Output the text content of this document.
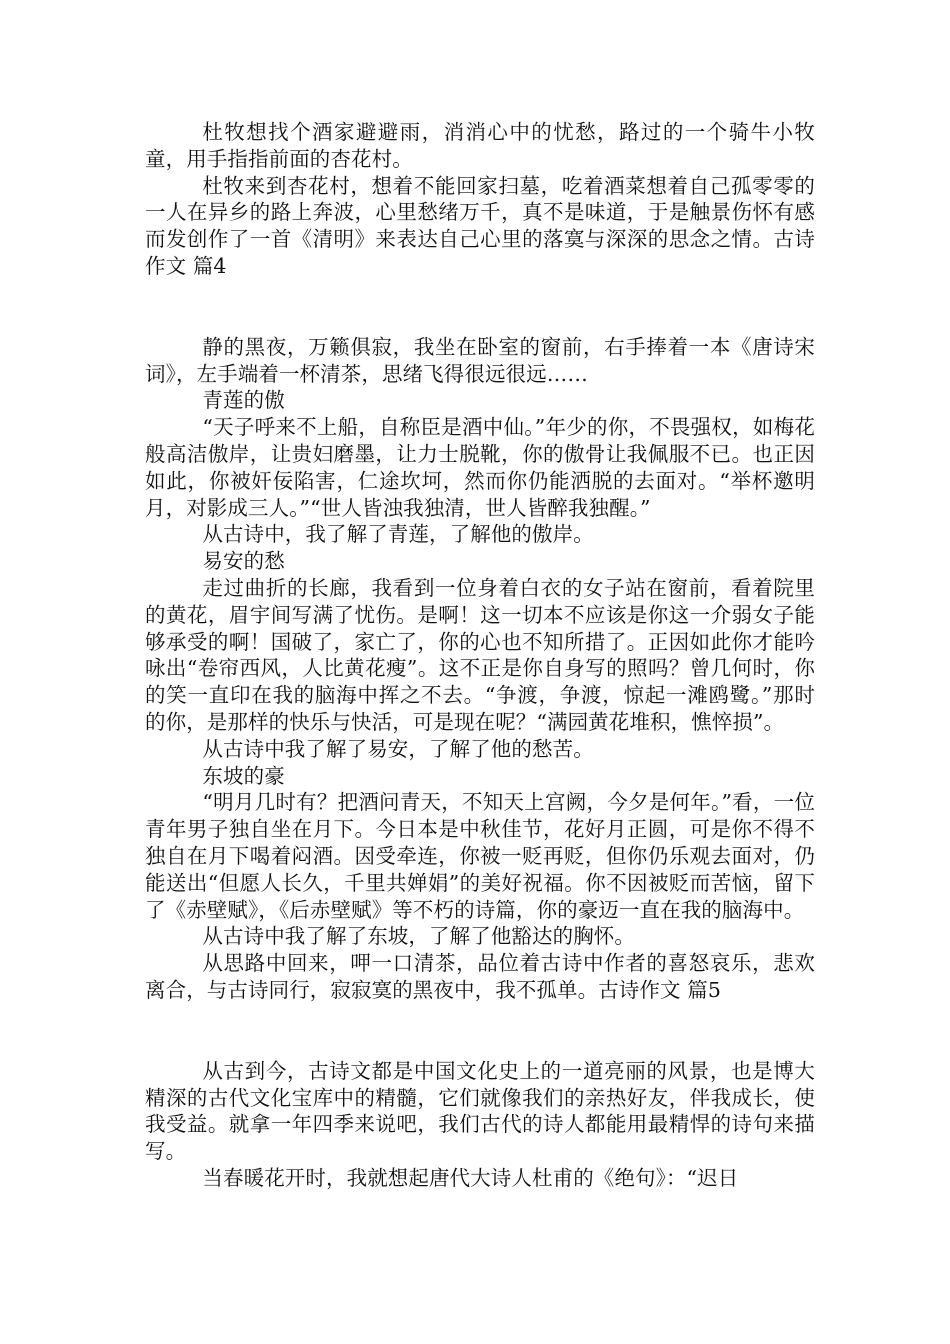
杜牧想找个酒家避避雨，消消心中的忧愁，路过的一个骑牛小牧童，用手指指前面的杏花村。

杜牧来到杏花村，想着不能回家扫墓，吃着酒菜想着自己孤零零的一人在异乡的路上奔波，心里愁绪万千，真不是味道，于是触景伤怀有感而发创作了一首《清明》来表达自己心里的落寞与深深的思念之情。古诗作文 篇4

静的黑夜，万籁俱寂，我坐在卧室的窗前，右手捧着一本《唐诗宋词》，左手端着一杯清茶，思绪飞得很远很远……

青莲的傲

“天子呼来不上船，自称臣是酒中仙。”年少的你，不畏强权，如梅花般高洁傲岸，让贵妇磨墨，让力士脱靴，你的傲骨让我佩服不已。也正因如此，你被奸佞陷害，仁途坎坷，然而你仍能洒脱的去面对。“举杯邀明月，对影成三人。”“世人皆浊我独清，世人皆醉我独醒。”

从古诗中，我了解了青莲，了解他的傲岸。

易安的愁

走过曲折的长廊，我看到一位身着白衣的女子站在窗前，看着院里的黄花，眉宇间写满了忧伤。是啊！这一切本不应该是你这一介弱女子能够承受的啊！国破了，家亡了，你的心也不知所措了。正因如此你才能吟咏出“卷帘西风，人比黄花瘦”。这不正是你自身写的照吗？曾几何时，你的笑一直印在我的脑海中挥之不去。“争渡，争渡，惊起一滩鸥鹭。”那时的你，是那样的快乐与快活，可是现在呢？“满园黄花堆积，憔悴损”。

从古诗中我了解了易安，了解了他的愁苦。

东坡的豪

“明月几时有？把酒问青天，不知天上宫阙，今夕是何年。”看，一位青年男子独自坐在月下。今日本是中秋佳节，花好月正圆，可是你不得不独自在月下喝着闷酒。因受牵连，你被一贬再贬，但你仍乐观去面对，仍能送出“但愿人长久，千里共婵娟”的美好祝福。你不因被贬而苦恼，留下了《赤壁赋》，《后赤壁赋》等不朽的诗篇，你的豪迈一直在我的脑海中。

从古诗中我了解了东坡，了解了他豁达的胸怀。

从思路中回来，呷一口清茶，品位着古诗中作者的喜怒哀乐，悲欢离合，与古诗同行，寂寂寞的黑夜中，我不孤单。古诗作文 篇5

从古到今，古诗文都是中国文化史上的一道亮丽的风景，也是博大精深的古代文化宝库中的精髓，它们就像我们的亲热好友，伴我成长，使我受益。就拿一年四季来说吧，我们古代的诗人都能用最精悍的诗句来描写。

当春暖花开时，我就想起唐代大诗人杜甫的《绝句》：“迟日
